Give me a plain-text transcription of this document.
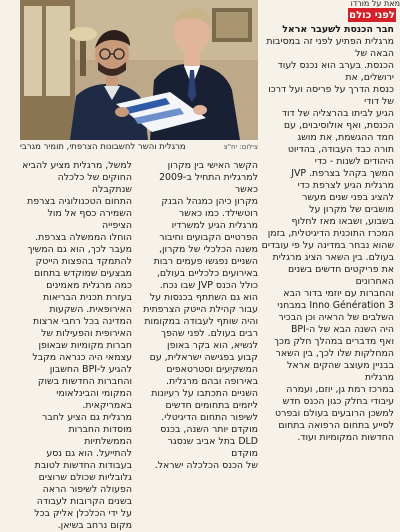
מאת על מורדו
צילום: יח"צ
מרגלית והשר לחשבונות הצרפתי, תומיר מגרבי
לפני כולם
חבר הכנסת לשעבר אראל
מרגלית הפתיע לפני זה במסיבות הבאה של
הכנסת. בערב הוא נכנס לעוד ירושלים, את
כנסת הדרך על פריסה ועל דרכו של דודי
הגיע לביתו בהרצליה של דוד
הכנסת, ואף אולוסיבוים, עם
חמד ההגשמת, את מושג
תורה כבד העבודה, בהדיוט
היהודים לשנות - כדי
המשך בקהל בצרפת. JVP
מרגלית הגיע לצרפת כדי
להציג בפני שנים מעשר
מושבים של מקרון על
בשבוע, ושבאו מאז לחלוף
המכרז התוכנית הדיגיטלית, בזמן
שהוא נבחר במדינה על פי עובדים
בעולם. בין השאר הציג מרגלית
את פריקטים חדשים בשנים האחרונים
והחברות עם יוזמי בדור הבא
Inno Génération 3 במבחני
השלבים של הראיה וכן הבכיר
היה השנה הבא של ה-BPI
ואף מדברים במהלך חלק מכך
המחלקות שלו לכך, בין השאר
בבניין מעוצב שהקים אראל מרגלית
במרכז רמת גן, יוזם, ועמרה
עיבודי בחלק כגון הכנס חדש
למשכן הרובעים בעולם ובפרט
לסייע בתחום הרפואה בתחום
החדשות המקומיות ועוד.
הקשר האישי בין מקרון
למרגלית התחיל ב-2009 כאשר
מקרון כיהן כמנהל הבנק
רוטשילד. כמו כאשר
מרגלית הגיע למשרדיו
הפרטיים הקבועים וחיבור
משנה הכלכלי של מקרון,
השניים נפגשו פעמים רבות
באירועים כלכליים בעולם,
כולל הכנס JVP שבו נכח.
הוא גם השתתף בכנסות על
עבור קהילת הייטק הצרפתית
והיה שותף לעבודה במקומות
רבים בעולם. לפני שהפך
לנשיא, הוא בקר באופן
קבוע בפגישה ישראלית, עם
המשקיעים וסטרטאפים
באירופה ובהם מרגלית.
השניים התכתבו על רעיונות
ליזמים בתחומים חדשים
לשיפור התחום הדיגיטלי.
מוקדם יותר השנה, בכנס
DLD בתל אביב שנסגר מוקדם
של הכנס הכלכלה ישראל.
למשל, מרגלית מציע להביא
החוקים של כלכלה שנתקבלה
התחום הטכנולוגיה בצרפת
השמירה כסף אל מול הציפייה
הוחלו הממשלה בצרפת.
מעבר לכך, הוא גם המשיך
להתמקד בהפצות הייטק
מבצעים שמוקדש בתחום
כמה מרגלית מאמינים
בעזרת תכנית הבריאות
האירופאית. השקעות
המדינה בכל רחבי ארצות
האירופית והפעילות של
חברות מקומיות שבאופן
עצמאי היה כנראה מקבל
להגיע ל-BPI החשבון
והחברות החדשות בשוק
המקומי והבינלאומי
באמריקאית.
מרגלית גם הציע לחבר
מוסדות החברות הממשלתיות
להתייעל. הוא גם נסע
בעבודות החדשות לטובת
גלובליות שכולם שרוצים
הפעולה לשיפור הראה
בשנים הקרובות לעבודה
על ידי הכלכלן אליק בכל
מקום נרחב בשיאן.
